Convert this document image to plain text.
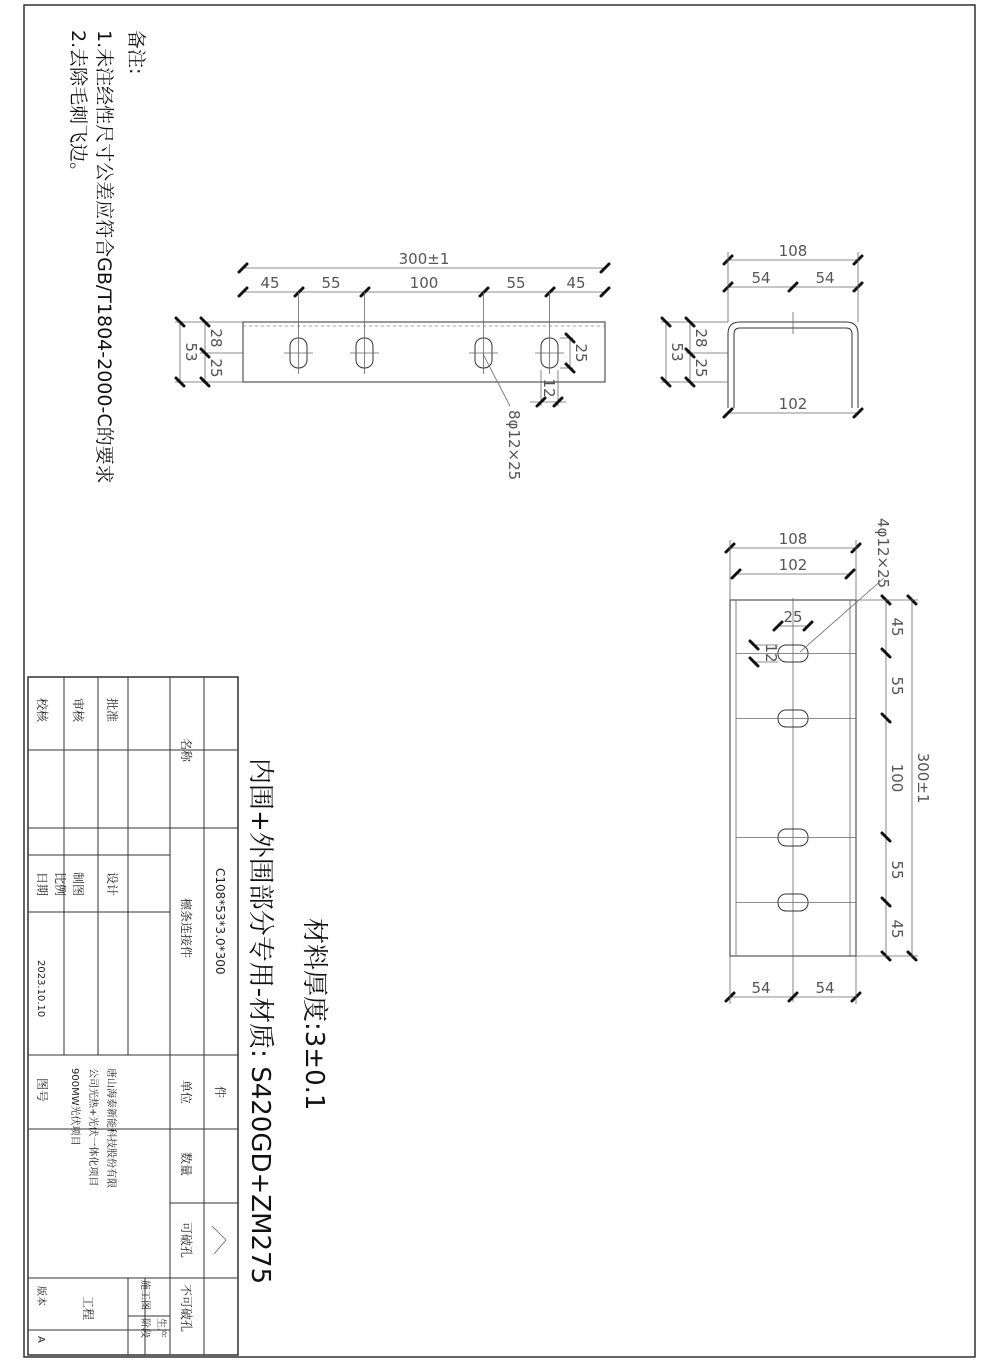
备注:
1.未注经性尺寸公差应符合GB/T1804-2000-C的要求
2.去除毛刺飞边。
300±1
45	55	100	55	45
53
28
25
25
12
8φ12×25
108
54	54
102
53
28
25
108
102	4φ12×25
25
12
45
55
100
55
45
300±1
54	54
材料厚度:3±0.1
内围+外围部分专用-材质: S420GD+ZM275
名称
C108*53*3.0*300
檩条连接件
件
单位
数量
可破孔
不可破孔
批准
审核
校核
设计
制图
比例
日期
2023.10.10
唐山海泰新能科技股份有限
公司光热+光伏一体化项目
900MW光伏项目
图号
施工图
生产
阶段
工程
版本
A
